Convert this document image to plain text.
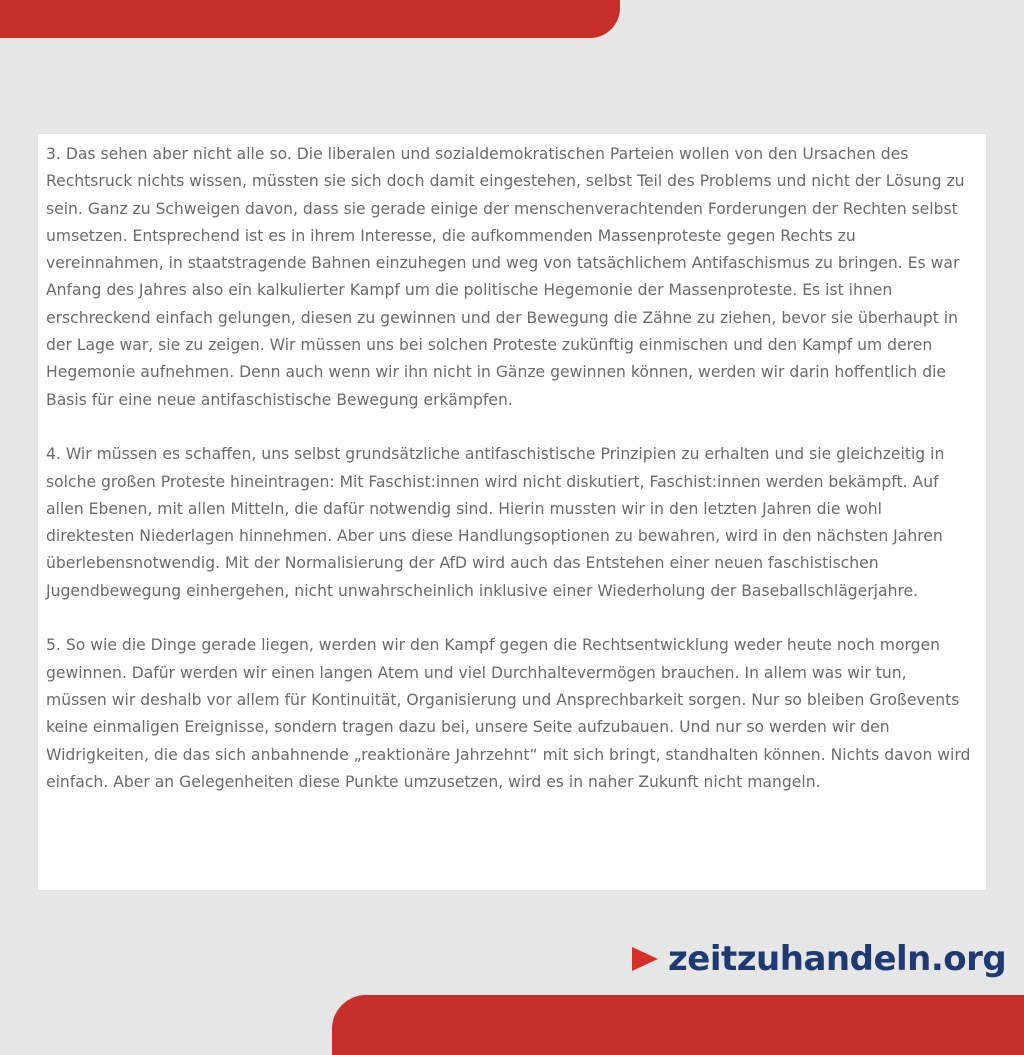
3. Das sehen aber nicht alle so. Die liberalen und sozialdemokratischen Parteien wollen von den Ursachen des Rechtsruck nichts wissen, müssten sie sich doch damit eingestehen, selbst Teil des Problems und nicht der Lösung zu sein. Ganz zu Schweigen davon, dass sie gerade einige der menschenverachtenden Forderungen der Rechten selbst umsetzen. Entsprechend ist es in ihrem Interesse, die aufkommenden Massenproteste gegen Rechts zu vereinnahmen, in staatstragende Bahnen einzuhegen und weg von tatsächlichem Antifaschismus zu bringen. Es war Anfang des Jahres also ein kalkulierter Kampf um die politische Hegemonie der Massenproteste. Es ist ihnen erschreckend einfach gelungen, diesen zu gewinnen und der Bewegung die Zähne zu ziehen, bevor sie überhaupt in der Lage war, sie zu zeigen. Wir müssen uns bei solchen Proteste zukünftig einmischen und den Kampf um deren Hegemonie aufnehmen. Denn auch wenn wir ihn nicht in Gänze gewinnen können, werden wir darin hoffentlich die Basis für eine neue antifaschistische Bewegung erkämpfen.

4. Wir müssen es schaffen, uns selbst grundsätzliche antifaschistische Prinzipien zu erhalten und sie gleichzeitig in solche großen Proteste hineintragen: Mit Faschist:innen wird nicht diskutiert, Faschist:innen werden bekämpft. Auf allen Ebenen, mit allen Mitteln, die dafür notwendig sind. Hierin mussten wir in den letzten Jahren die wohl direktesten Niederlagen hinnehmen. Aber uns diese Handlungsoptionen zu bewahren, wird in den nächsten Jahren überlebensnotwendig. Mit der Normalisierung der AfD wird auch das Entstehen einer neuen faschistischen Jugendbewegung einhergehen, nicht unwahrscheinlich inklusive einer Wiederholung der Baseballschlägerjahre.

5. So wie die Dinge gerade liegen, werden wir den Kampf gegen die Rechtsentwicklung weder heute noch morgen gewinnen. Dafür werden wir einen langen Atem und viel Durchhaltevermögen brauchen. In allem was wir tun, müssen wir deshalb vor allem für Kontinuität, Organisierung und Ansprechbarkeit sorgen. Nur so bleiben Großevents keine einmaligen Ereignisse, sondern tragen dazu bei, unsere Seite aufzubauen. Und nur so werden wir den Widrigkeiten, die das sich anbahnende „reaktionäre Jahrzehnt“ mit sich bringt, standhalten können. Nichts davon wird einfach. Aber an Gelegenheiten diese Punkte umzusetzen, wird es in naher Zukunft nicht mangeln.

zeitzuhandeln.org
